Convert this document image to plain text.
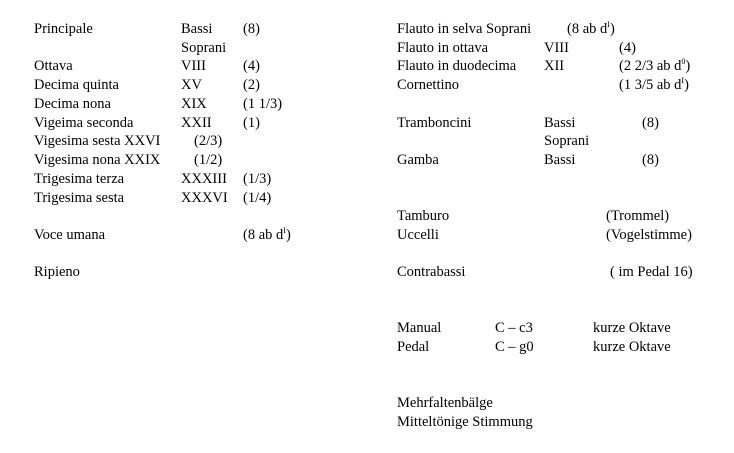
Principale	Bassi (8)
Soprani
Ottava	VIII	(4)
Decima quinta	XV	(2)
Decima nona	XIX (1 1/3)
Vigeima seconda	XXII (1)
Vigesima sesta XXVI (2/3)
Vigesima nona XXIX (1/2)
Trigesima terza	XXXIII (1/3)
Trigesima sesta	XXXVI (1/4)
Voce umana	(8 ab $d^I$)
Ripieno
Flauto in selva Soprani (8 ab $d^I$)
Flauto in ottava	VIII	(4)
Flauto in duodecima XII	(2 2/3 ab $d^0$)
Cornettino	(1 3/5 ab $d^I$)
Tramboncini	Bassi	(8)
Soprani
Gamba	Bassi	(8)
Tamburo	(Trommel)
Uccelli	(Vogelstimme)
Contrabassi	( im Pedal 16)
Manual	C – c3	kurze Oktave
Pedal	C – g0	kurze Oktave
Mehrfaltenbälge
Mitteltönige Stimmung
